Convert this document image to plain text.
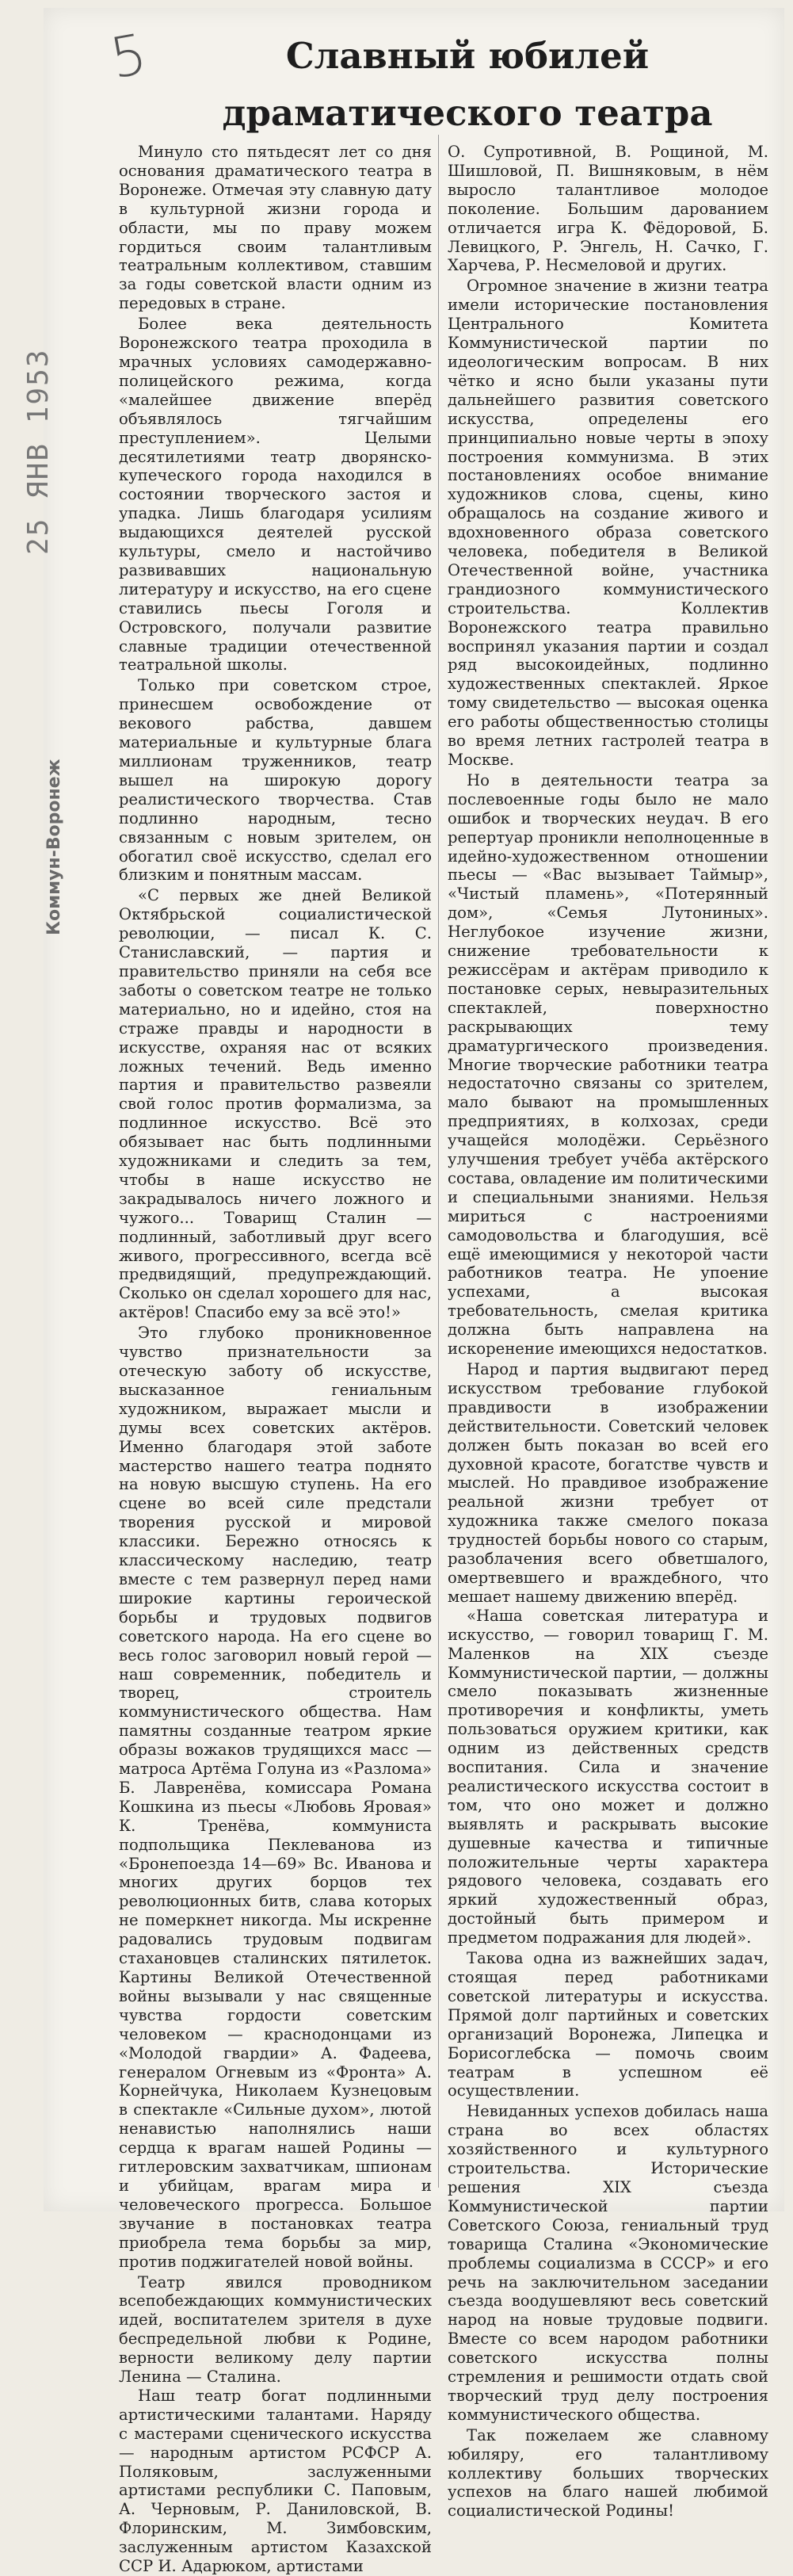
5	Славный юбилей
драматического театра
25 ЯНВ 1953
Коммун-Воронеж

Минуло сто пятьдесят лет со дня основания драматического театра в Воронеже. Отмечая эту славную дату в культурной жизни города и области, мы по праву можем гордиться своим талантливым театральным коллективом, ставшим за годы советской власти одним из передовых в стране.

Более века деятельность Воронежского театра проходила в мрачных условиях самодержавно-полицейского режима, когда «малейшее движение вперёд объявлялось тягчайшим преступлением». Целыми десятилетиями театр дворянско-купеческого города находился в состоянии творческого застоя и упадка. Лишь благодаря усилиям выдающихся деятелей русской культуры, смело и настойчиво развивавших национальную литературу и искусство, на его сцене ставились пьесы Гоголя и Островского, получали развитие славные традиции отечественной театральной школы.

Только при советском строе, принесшем освобождение от векового рабства, давшем материальные и культурные блага миллионам труженников, театр вышел на широкую дорогу реалистического творчества. Став подлинно народным, тесно связанным с новым зрителем, он обогатил своё искусство, сделал его близким и понятным массам.

«С первых же дней Великой Октябрьской социалистической революции, — писал К. С. Станиславский, — партия и правительство приняли на себя все заботы о советском театре не только материально, но и идейно, стоя на страже правды и народности в искусстве, охраняя нас от всяких ложных течений. Ведь именно партия и правительство развеяли свой голос против формализма, за подлинное искусство. Всё это обязывает нас быть подлинными художниками и следить за тем, чтобы в наше искусство не закрадывалось ничего ложного и чужого... Товарищ Сталин — подлинный, заботливый друг всего живого, прогрессивного, всегда всё предвидящий, предупреждающий. Сколько он сделал хорошего для нас, актёров! Спасибо ему за всё это!»

Это глубоко проникновенное чувство признательности за отеческую заботу об искусстве, высказанное гениальным художником, выражает мысли и думы всех советских актёров. Именно благодаря этой заботе мастерство нашего театра поднято на новую высшую ступень. На его сцене во всей силе предстали творения русской и мировой классики. Бережно относясь к классическому наследию, театр вместе с тем развернул перед нами широкие картины героической борьбы и трудовых подвигов советского народа. На его сцене во весь голос заговорил новый герой — наш современник, победитель и творец, строитель коммунистического общества. Нам памятны созданные театром яркие образы вожаков трудящихся масс — матроса Артёма Голуна из «Разлома» Б. Лавренёва, комиссара Романа Кошкина из пьесы «Любовь Яровая» К. Тренёва, коммуниста подпольщика Пеклеванова из «Бронепоезда 14—69» Вс. Иванова и многих других борцов тех революционных битв, слава которых не померкнет никогда. Мы искренне радовались трудовым подвигам стахановцев сталинских пятилеток. Картины Великой Отечественной войны вызывали у нас священные чувства гордости советским человеком — краснодонцами из «Молодой гвардии» А. Фадеева, генералом Огневым из «Фронта» А. Корнейчука, Николаем Кузнецовым в спектакле «Сильные духом», лютой ненавистью наполнялись наши сердца к врагам нашей Родины — гитлеровским захватчикам, шпионам и убийцам, врагам мира и человеческого прогресса. Большое звучание в постановках театра приобрела тема борьбы за мир, против поджигателей новой войны.

Театр явился проводником всепобеждающих коммунистических идей, воспитателем зрителя в духе беспредельной любви к Родине, верности великому делу партии Ленина — Сталина.

Наш театр богат подлинными артистическими талантами. Наряду с мастерами сценического искусства — народным артистом РСФСР А. Поляковым, заслуженными артистами республики С. Паповым, А. Черновым, Р. Даниловской, В. Флоринским, М. Зимбовским, заслуженным артистом Казахской ССР И. Адарюком, артистами

О. Супротивной, В. Рощиной, М. Шишловой, П. Вишняковым, в нём выросло талантливое молодое поколение. Большим дарованием отличается игра К. Фёдоровой, Б. Левицкого, Р. Энгель, Н. Сачко, Г. Харчева, Р. Несмеловой и других.

Огромное значение в жизни театра имели исторические постановления Центрального Комитета Коммунистической партии по идеологическим вопросам. В них чётко и ясно были указаны пути дальнейшего развития советского искусства, определены его принципиально новые черты в эпоху построения коммунизма. В этих постановлениях особое внимание художников слова, сцены, кино обращалось на создание живого и вдохновенного образа советского человека, победителя в Великой Отечественной войне, участника грандиозного коммунистического строительства. Коллектив Воронежского театра правильно воспринял указания партии и создал ряд высокоидейных, подлинно художественных спектаклей. Яркое тому свидетельство — высокая оценка его работы общественностью столицы во время летних гастролей театра в Москве.

Но в деятельности театра за послевоенные годы было не мало ошибок и творческих неудач. В его репертуар проникли неполноценные в идейно-художественном отношении пьесы — «Вас вызывает Таймыр», «Чистый пламень», «Потерянный дом», «Семья Лутониных». Неглубокое изучение жизни, снижение требовательности к режиссёрам и актёрам приводило к постановке серых, невыразительных спектаклей, поверхностно раскрывающих тему драматургического произведения. Многие творческие работники театра недостаточно связаны со зрителем, мало бывают на промышленных предприятиях, в колхозах, среди учащейся молодёжи. Серьёзного улучшения требует учёба актёрского состава, овладение им политическими и специальными знаниями. Нельзя мириться с настроениями самодовольства и благодушия, всё ещё имеющимися у некоторой части работников театра. Не упоение успехами, а высокая требовательность, смелая критика должна быть направлена на искоренение имеющихся недостатков.

Народ и партия выдвигают перед искусством требование глубокой правдивости в изображении действительности. Советский человек должен быть показан во всей его духовной красоте, богатстве чувств и мыслей. Но правдивое изображение реальной жизни требует от художника также смелого показа трудностей борьбы нового со старым, разоблачения всего обветшалого, омертвевшего и враждебного, что мешает нашему движению вперёд.

«Наша советская литература и искусство, — говорил товарищ Г. М. Маленков на XIX съезде Коммунистической партии, — должны смело показывать жизненные противоречия и конфликты, уметь пользоваться оружием критики, как одним из действенных средств воспитания. Сила и значение реалистического искусства состоит в том, что оно может и должно выявлять и раскрывать высокие душевные качества и типичные положительные черты характера рядового человека, создавать его яркий художественный образ, достойный быть примером и предметом подражания для людей».

Такова одна из важнейших задач, стоящая перед работниками советской литературы и искусства. Прямой долг партийных и советских организаций Воронежа, Липецка и Борисоглебска — помочь своим театрам в успешном её осуществлении.

Невиданных успехов добилась наша страна во всех областях хозяйственного и культурного строительства. Исторические решения XIX съезда Коммунистической партии Советского Союза, гениальный труд товарища Сталина «Экономические проблемы социализма в СССР» и его речь на заключительном заседании съезда воодушевляют весь советский народ на новые трудовые подвиги. Вместе со всем народом работники советского искусства полны стремления и решимости отдать свой творческий труд делу построения коммунистического общества.

Так пожелаем же славному юбиляру, его талантливому коллективу больших творческих успехов на благо нашей любимой социалистической Родины!
